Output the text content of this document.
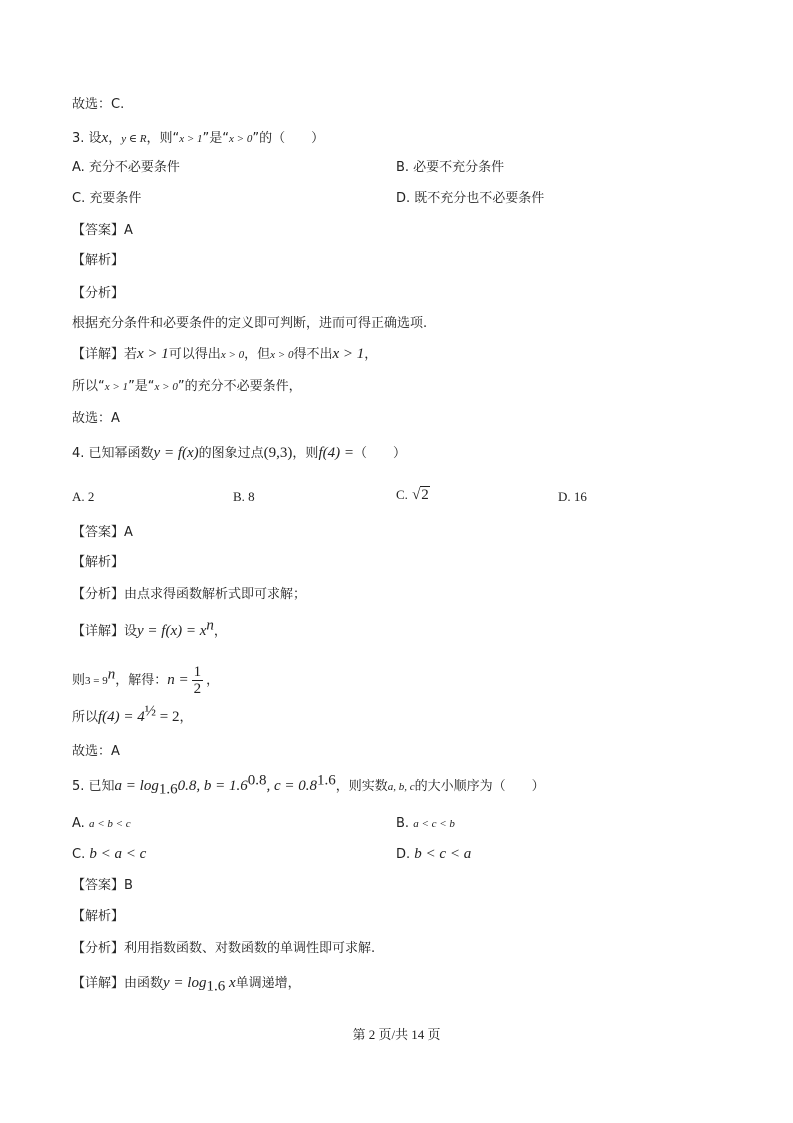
故选：C.
3. 设x，y ∈ R，则“x > 1”是“x > 0”的（　　）
A. 充分不必要条件	B. 必要不充分条件
C. 充要条件	D. 既不充分也不必要条件
【答案】A
【解析】
【分析】
根据充分条件和必要条件的定义即可判断，进而可得正确选项.
【详解】若x > 1可以得出x > 0，但x > 0得不出x > 1，
所以“x > 1”是“x > 0”的充分不必要条件，
故选：A
4. 已知幂函数y = f(x)的图象过点(9,3)，则f(4) =（　　）
A. 2	B. 8	C. √2	D. 16
【答案】A
【解析】
【分析】由点求得函数解析式即可求解；
【详解】设$y = f(x) = x^n$，
则$3 = 9^n$，解得：$n = \frac{1}{2}$ ，
所以$f(4) = 4^{\frac{1}{2}} = 2$，
故选：A
5. 已知$a = \log_{1.6}0.8$, $b = 1.6^{0.8}$, $c = 0.8^{1.6}$，则实数a, b, c的大小顺序为（　　）
A. a < b < c	B. a < c < b
C. b < a < c	D. b < c < a
【答案】B
【解析】
【分析】利用指数函数、对数函数的单调性即可求解.
【详解】由函数$y = \log_{1.6} x$单调递增，
第 2 页/共 14 页
